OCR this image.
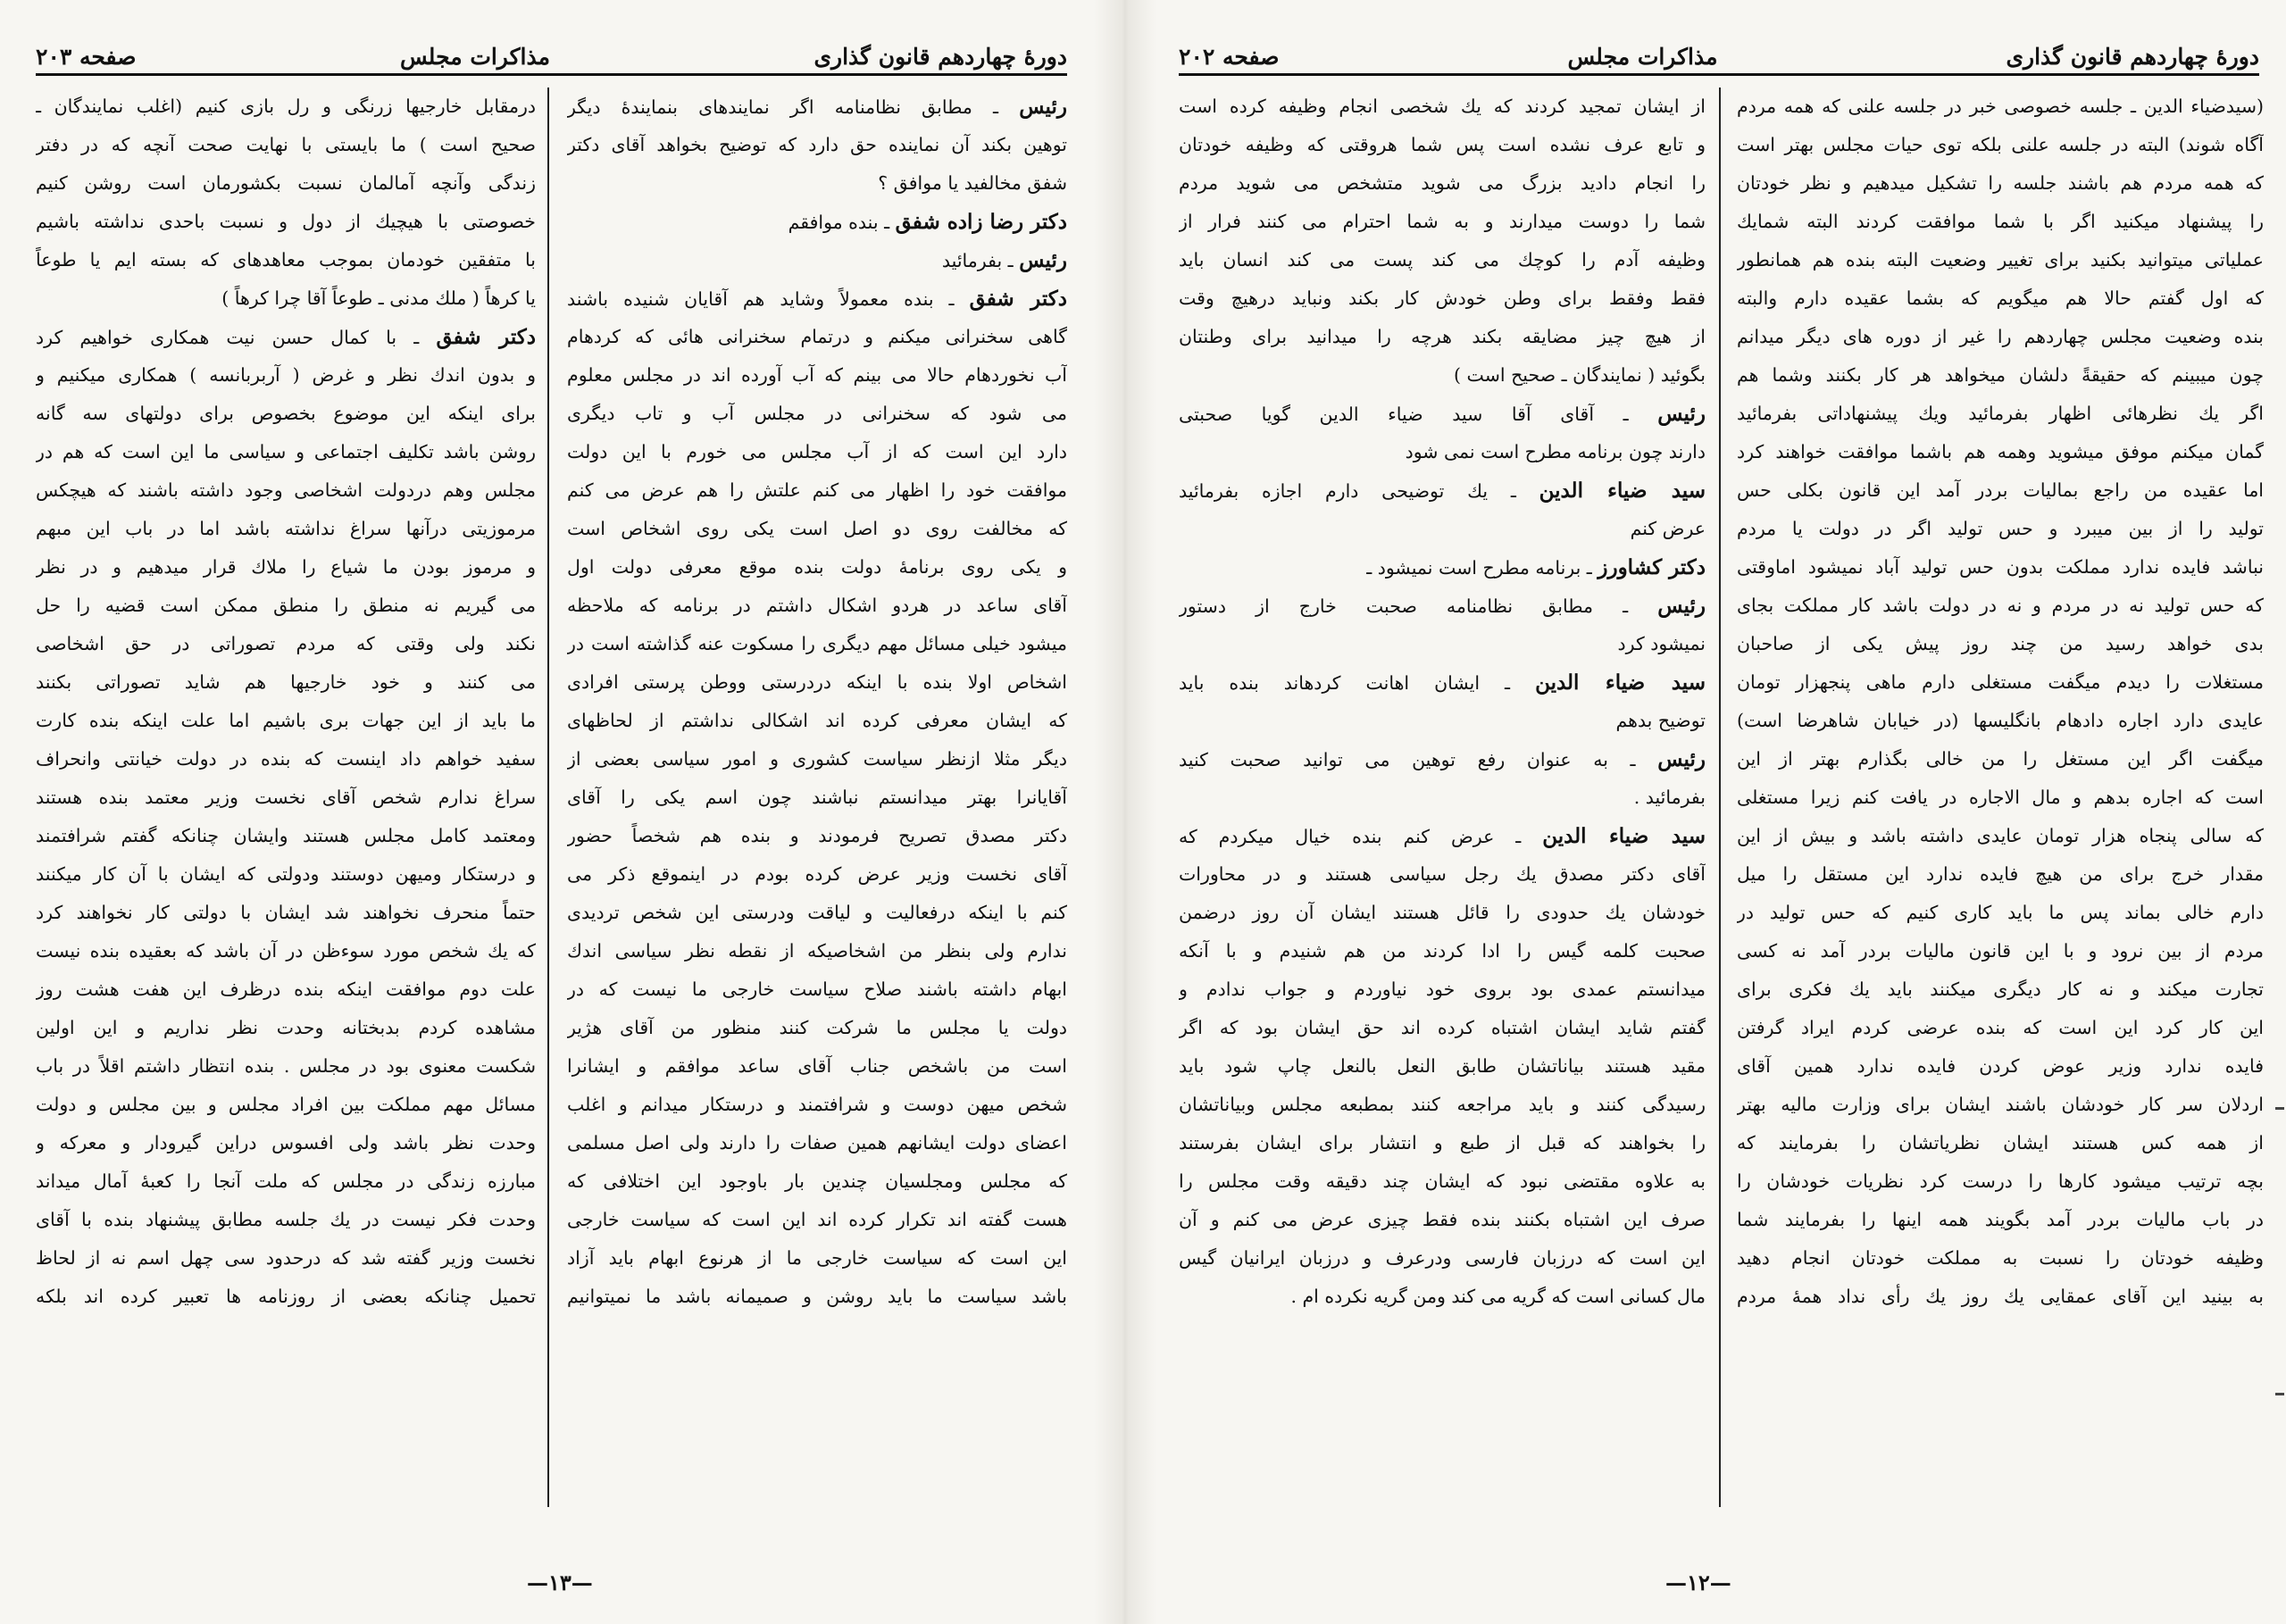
دورهٔ چهاردهم قانون گذاری
مذاکرات مجلس
صفحه ۲۰۳
رئیس ـ مطابق نظامنامه اگر نمایندهای بنمایندهٔ دیگر
توهین بکند آن نماینده حق دارد که توضیح بخواهد آقای دکتر
شفق مخالفید یا موافق ؟
دکتر رضا زاده شفق ـ بنده موافقم
رئیس ـ بفرمائید
دکتر شفق ـ بنده معمولاً وشاید هم آقایان شنیده باشند
گاهی سخنرانی میکنم و درتمام سخنرانی هائی که کردهام
آب نخوردهام حالا می بینم که آب آورده اند در مجلس معلوم
می شود که سخنرانی در مجلس آب و تاب دیگری
دارد این است که از آب مجلس می خورم با این دولت
موافقت خود را اظهار می کنم علتش را هم عرض می کنم
که مخالفت روی دو اصل است یکی روی اشخاص است
و یکی روی برنامهٔ دولت بنده موقع معرفی دولت اول
آقای ساعد در هردو اشکال داشتم در برنامه که ملاحظه
میشود خیلی مسائل مهم دیگری را مسکوت عنه گذاشته است در
اشخاص اولا بنده با اینکه دردرستی ووطن پرستی افرادی
که ایشان معرفی کرده اند اشکالی نداشتم از لحاظهای
دیگر مثلا ازنظر سیاست کشوری و امور سیاسی بعضی از
آقایانرا بهتر میدانستم نباشند چون اسم یکی را آقای
دکتر مصدق تصریح فرمودند و بنده هم شخصاً حضور
آقای نخست وزیر عرض کرده بودم در اینموقع ذکر می
کنم با اینکه درفعالیت و لیاقت ودرستی این شخص تردیدی
ندارم ولی بنظر من اشخاصیکه از نقطه نظر سیاسی اندك
ابهام داشته باشند صلاح سیاست خارجی ما نیست که در
دولت یا مجلس ما شرکت کنند منظور من آقای هژیر
است من باشخص جناب آقای ساعد موافقم و ایشانرا
شخص میهن دوست و شرافتمند و درستکار میدانم و اغلب
اعضای دولت ایشانهم همین صفات را دارند ولی اصل مسلمی
که مجلس ومجلسیان چندین بار باوجود این اختلافی که
هست گفته اند تکرار کرده اند این است که سیاست خارجی
این است که سیاست خارجی ما از هرنوع ابهام باید آزاد
باشد سیاست ما باید روشن و صمیمانه باشد ما نمیتوانیم
درمقابل خارجیها زرنگی و رل بازی کنیم (اغلب نمایندگان ـ
صحیح است ) ما بایستی با نهایت صحت آنچه که در دفتر
زندگی وآنچه آمالمان نسبت بکشورمان است روشن کنیم
خصوصتی با هیچیك از دول و نسبت باحدی نداشته باشیم
با متفقین خودمان بموجب معاهدهای که بسته ایم یا طوعاً
یا کرهاً ( ملك مدنی ـ طوعاً آقا چرا کرهاً )
دکتر شفق ـ با کمال حسن نیت همکاری خواهیم کرد
و بدون اندك نظر و غرض ( آربربانسه ) همکاری میکنیم و
برای اینکه این موضوع بخصوص برای دولتهای سه گانه
روشن باشد تکلیف اجتماعی و سیاسی ما این است که هم در
مجلس وهم دردولت اشخاصی وجود داشته باشند که هیچکس
مرموزیتی درآنها سراغ نداشته باشد اما در باب این مبهم
و مرموز بودن ما شیاع را ملاك قرار میدهیم و در نظر
می گیریم نه منطق را منطق ممکن است قضیه را حل
نکند ولی وقتی که مردم تصوراتی در حق اشخاصی
می کنند و خود خارجیها هم شاید تصوراتی بکنند
ما باید از این جهات بری باشیم اما علت اینکه بنده کارت
سفید خواهم داد اینست که بنده در دولت خیانتی وانحراف
سراغ ندارم شخص آقای نخست وزیر معتمد بنده هستند
ومعتمد کامل مجلس هستند وایشان چنانکه گفتم شرافتمند
و درستکار ومیهن دوستند ودولتی که ایشان با آن کار میکنند
حتماً منحرف نخواهند شد ایشان با دولتی کار نخواهند کرد
که یك شخص مورد سوءظن در آن باشد که بعقیده بنده نیست
علت دوم موافقت اینکه بنده درظرف این هفت هشت روز
مشاهده کردم بدبختانه وحدت نظر نداریم و این اولین
شکست معنوی بود در مجلس . بنده انتظار داشتم اقلاً در باب
مسائل مهم مملکت بین افراد مجلس و بین مجلس و دولت
وحدت نظر باشد ولی افسوس دراین گیرودار و معرکه و
مبارزه زندگی در مجلس که ملت آنجا را کعبهٔ آمال میداند
وحدت فکر نیست در یك جلسه مطابق پیشنهاد بنده با آقای
نخست وزیر گفته شد که درحدود سی چهل اسم نه از لحاظ
تحمیل چنانکه بعضی از روزنامه ها تعبیر کرده اند بلکه
—۱۳—
دورهٔ چهاردهم قانون گذاری
مذاکرات مجلس
صفحه ۲۰۲
(سیدضیاء الدین ـ جلسه خصوصی خبر در جلسه علنی که همه مردم
آگاه شوند) البته در جلسه علنی بلکه توی حیات مجلس بهتر است
که همه مردم هم باشند جلسه را تشکیل میدهیم و نظر خودتان
را پیشنهاد میکنید اگر با شما موافقت کردند البته شمایك
عملیاتی میتوانید بکنید برای تغییر وضعیت البته بنده هم همانطور
که اول گفتم حالا هم میگویم که بشما عقیده دارم والبته
بنده وضعیت مجلس چهاردهم را غیر از دوره های دیگر میدانم
چون میبینم که حقیقةً دلشان میخواهد هر کار بکنند وشما هم
اگر یك نظرهائی اظهار بفرمائید ویك پیشنهاداتی بفرمائید
گمان میکنم موفق میشوید وهمه هم باشما موافقت خواهند کرد
اما عقیده من راجع بمالیات بردر آمد این قانون بکلی حس
تولید را از بین میبرد و حس تولید اگر در دولت یا مردم
نباشد فایده ندارد مملکت بدون حس تولید آباد نمیشود اماوقتی
که حس تولید نه در مردم و نه در دولت باشد کار مملکت بجای
بدی خواهد رسید من چند روز پیش یکی از صاحبان
مستغلات را دیدم میگفت مستغلی دارم ماهی پنجهزار تومان
عایدی دارد اجاره دادهام بانگلیسها (در خیابان شاهرضا است)
میگفت اگر این مستغل را من خالی بگذارم بهتر از این
است که اجاره بدهم و مال الاجاره در یافت کنم زیرا مستغلی
که سالی پنجاه هزار تومان عایدی داشته باشد و بیش از این
مقدار خرج برای من هیچ فایده ندارد این مستقل را میل
دارم خالی بماند پس ما باید کاری کنیم که حس تولید در
مردم از بین نرود و با این قانون مالیات بردر آمد نه کسی
تجارت میکند و نه کار دیگری میکنند باید یك فکری برای
این کار کرد این است که بنده عرضی کردم ایراد گرفتن
فایده ندارد وزیر عوض کردن فایده ندارد همین آقای
اردلان سر کار خودشان باشند ایشان برای وزارت مالیه بهتر
از همه کس هستند ایشان نظریاتشان را بفرمایند که
بچه ترتیب میشود کارها را درست کرد نظریات خودشان را
در باب مالیات بردر آمد بگویند همه اینها را بفرمایند شما
وظیفه خودتان را نسبت به مملکت خودتان انجام دهید
به بینید این آقای عمقایی یك روز یك رأی نداد همهٔ مردم
از ایشان تمجید کردند که یك شخصی انجام وظیفه کرده است
و تابع عرف نشده است پس شما هروقتی که وظیفه خودتان
را انجام دادید بزرگ می شوید متشخص می شوید مردم
شما را دوست میدارند و به شما احترام می کنند فرار از
وظیفه آدم را کوچك می کند پست می کند انسان باید
فقط وفقط برای وطن خودش کار بکند ونباید درهیچ وقت
از هیچ چیز مضایقه بکند هرچه را میدانید برای وطنتان
بگوئید ( نمایندگان ـ صحیح است )
رئیس ـ آقای آقا سید ضیاء الدین گویا صحبتی
دارند چون برنامه مطرح است نمی شود
سید ضیاء الدین ـ یك توضیحی دارم اجازه بفرمائید
عرض کنم
دکتر کشاورز ـ برنامه مطرح است نمیشود ـ
رئیس ـ مطابق نظامنامه صحبت خارج از دستور
نمیشود کرد
سید ضیاء الدین ـ ایشان اهانت کردهاند بنده باید
توضیح بدهم
رئیس ـ به عنوان رفع توهین می توانید صحبت کنید
بفرمائید .
سید ضیاء الدین ـ عرض کنم بنده خیال میکردم که
آقای دکتر مصدق یك رجل سیاسی هستند و در محاورات
خودشان یك حدودی را قائل هستند ایشان آن روز درضمن
صحبت کلمه گیس را ادا کردند من هم شنیدم و با آنکه
میدانستم عمدی بود بروی خود نیاوردم و جواب ندادم و
گفتم شاید ایشان اشتباه کرده اند حق ایشان بود که اگر
مقید هستند بیاناتشان طابق النعل بالنعل چاپ شود باید
رسیدگی کنند و باید مراجعه کنند بمطبعه مجلس وبیاناتشان
را بخواهند که قبل از طبع و انتشار برای ایشان بفرستند
به علاوه مقتضی نبود که ایشان چند دقیقه وقت مجلس را
صرف این اشتباه بکنند بنده فقط چیزی عرض می کنم و آن
این است که درزبان فارسی ودرعرف و درزبان ایرانیان گیس
مال کسانی است که گریه می کند ومن گریه نکرده ام .
—۱۲—
